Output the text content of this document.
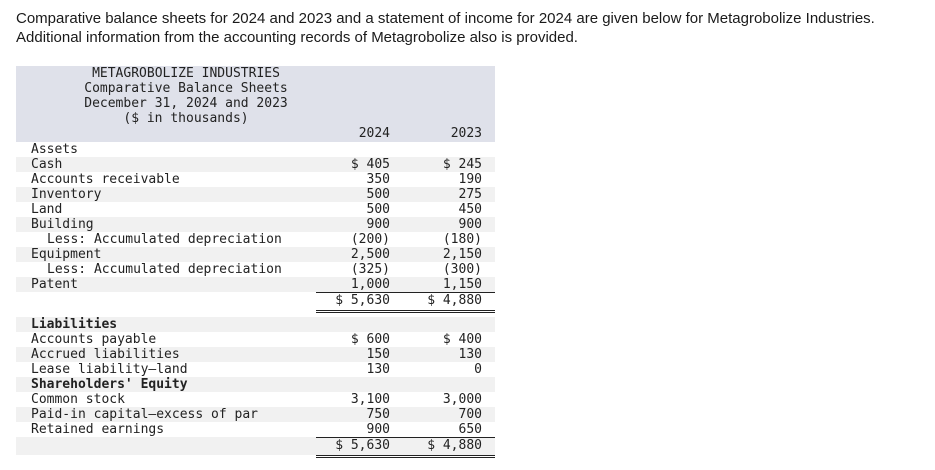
Comparative balance sheets for 2024 and 2023 and a statement of income for 2024 are given below for Metagrobolize Industries.
Additional information from the accounting records of Metagrobolize also is provided.
METAGROBOLIZE INDUSTRIES
Comparative Balance Sheets
December 31, 2024 and 2023
($ in thousands)
2024	2023
Assets
Cash	$ 405	$ 245
Accounts receivable	350	190
Inventory	500	275
Land	500	450
Building	900	900
Less: Accumulated depreciation	(200)	(180)
Equipment	2,500	2,150
Less: Accumulated depreciation	(325)	(300)
Patent	1,000	1,150
$ 5,630	$ 4,880
Liabilities
Accounts payable	$ 600	$ 400
Accrued liabilities	150	130
Lease liability—land	130	0
Shareholders' Equity
Common stock	3,100	3,000
Paid-in capital—excess of par	750	700
Retained earnings	900	650
$ 5,630	$ 4,880
